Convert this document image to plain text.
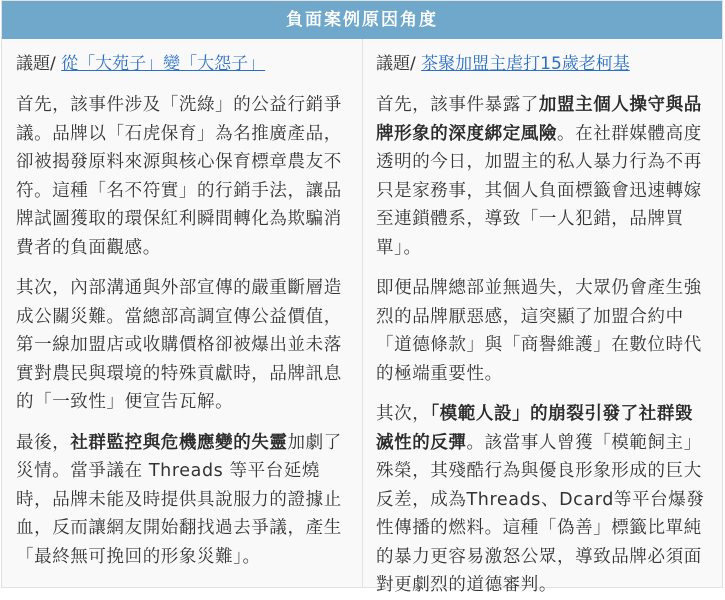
負面案例原因角度

議題/ 從「大苑子」變「大怨子」

首先，該事件涉及「洗綠」的公益行銷爭議。品牌以「石虎保育」為名推廣產品，卻被揭發原料來源與核心保育標章農友不符。這種「名不符實」的行銷手法，讓品牌試圖獲取的環保紅利瞬間轉化為欺騙消費者的負面觀感。

其次，內部溝通與外部宣傳的嚴重斷層造成公關災難。當總部高調宣傳公益價值，第一線加盟店或收購價格卻被爆出並未落實對農民與環境的特殊貢獻時，品牌訊息的「一致性」便宣告瓦解。

最後，社群監控與危機應變的失靈加劇了災情。當爭議在 Threads 等平台延燒時，品牌未能及時提供具說服力的證據止血，反而讓網友開始翻找過去爭議，產生「最終無可挽回的形象災難」。

議題/ 茶聚加盟主虐打15歲老柯基

首先，該事件暴露了加盟主個人操守與品牌形象的深度綁定風險。在社群媒體高度透明的今日，加盟主的私人暴力行為不再只是家務事，其個人負面標籤會迅速轉嫁至連鎖體系，導致「一人犯錯，品牌買單」。

即便品牌總部並無過失，大眾仍會產生強烈的品牌厭惡感，這突顯了加盟合約中「道德條款」與「商譽維護」在數位時代的極端重要性。

其次，「模範人設」的崩裂引發了社群毀滅性的反彈。該當事人曾獲「模範飼主」殊榮，其殘酷行為與優良形象形成的巨大反差，成為Threads、Dcard等平台爆發性傳播的燃料。這種「偽善」標籤比單純的暴力更容易激怒公眾，導致品牌必須面對更劇烈的道德審判。
